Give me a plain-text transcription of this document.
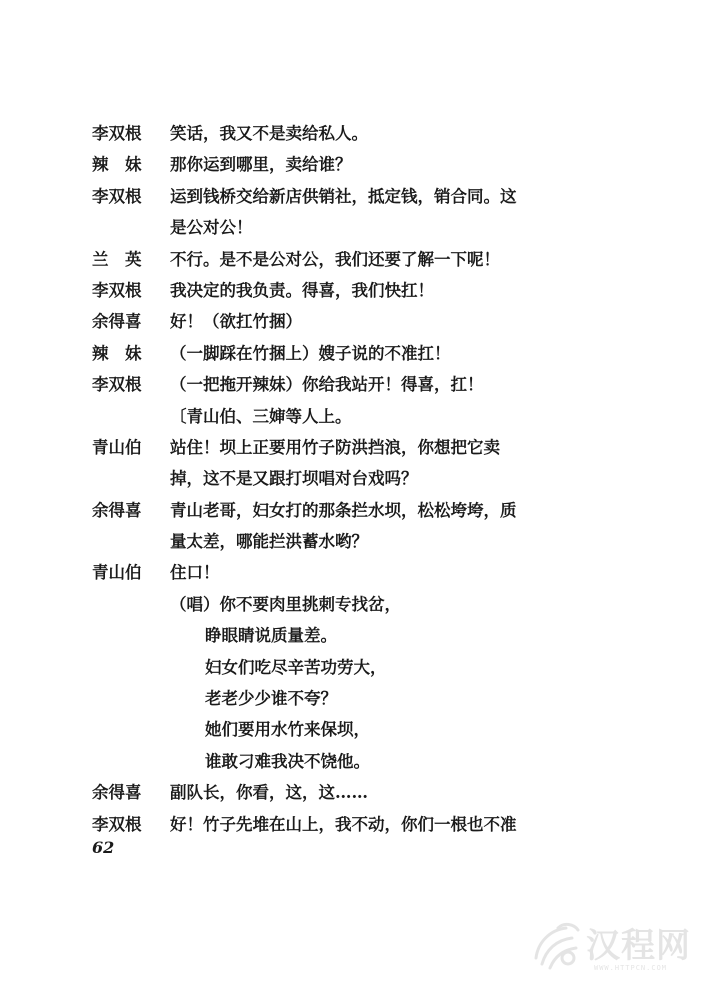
李双根	笑话，我又不是卖给私人。
辣　妹	那你运到哪里，卖给谁？
李双根	运到钱桥交给新店供销社，抵定钱，销合同。这
是公对公！
兰　英	不行。是不是公对公，我们还要了解一下呢！
李双根	我决定的我负责。得喜，我们快扛！
余得喜	好！（欲扛竹捆）
辣　妹	（一脚踩在竹捆上）嫂子说的不准扛！
李双根	（一把拖开辣妹）你给我站开！得喜，扛！
〔青山伯、三婶等人上。
青山伯	站住！坝上正要用竹子防洪挡浪，你想把它卖
掉，这不是又跟打坝唱对台戏吗？
余得喜	青山老哥，妇女打的那条拦水坝，松松垮垮，质
量太差，哪能拦洪蓄水哟？
青山伯	住口！
（唱）你不要肉里挑刺专找岔，
睁眼睛说质量差。
妇女们吃尽辛苦功劳大，
老老少少谁不夸？
她们要用水竹来保坝，
谁敢刁难我决不饶他。
余得喜	副队长，你看，这，这……
李双根	好！竹子先堆在山上，我不动，你们一根也不准
62
汉程网
WWW.HTTPCN.COM
